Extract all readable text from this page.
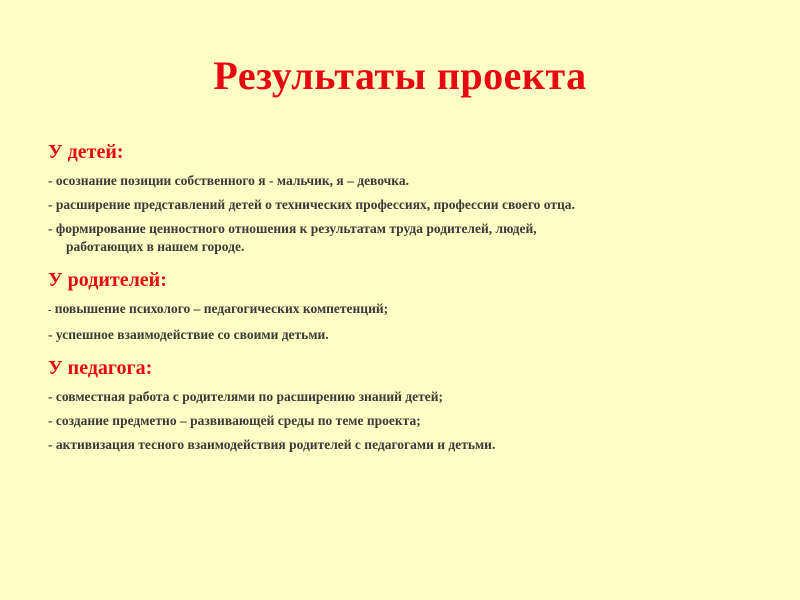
Результаты проекта
У детей:
- осознание позиции собственного я - мальчик, я – девочка.
- расширение представлений детей о технических профессиях, профессии своего отца.
- формирование ценностного отношения к результатам труда родителей, людей,
работающих в нашем городе.
У родителей:
- повышение психолого – педагогических компетенций;
- успешное взаимодействие со своими детьми.
У педагога:
- совместная работа с родителями по расширению знаний детей;
- создание предметно – развивающей среды по теме проекта;
- активизация тесного взаимодействия родителей с педагогами и детьми.
